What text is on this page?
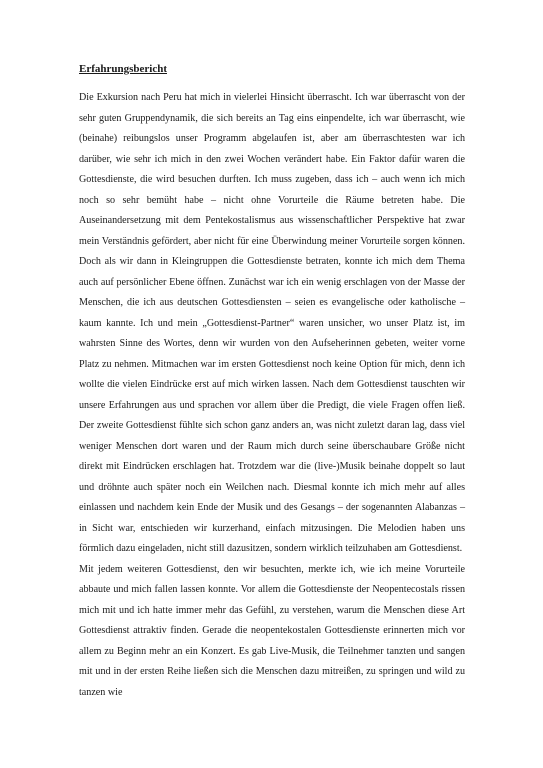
Erfahrungsbericht

Die Exkursion nach Peru hat mich in vielerlei Hinsicht überrascht. Ich war überrascht von der sehr guten Gruppendynamik, die sich bereits an Tag eins einpendelte, ich war überrascht, wie (beinahe) reibungslos unser Programm abgelaufen ist, aber am überraschtesten war ich darüber, wie sehr ich mich in den zwei Wochen verändert habe. Ein Faktor dafür waren die Gottesdienste, die wird besuchen durften. Ich muss zugeben, dass ich – auch wenn ich mich noch so sehr bemüht habe – nicht ohne Vorurteile die Räume betreten habe. Die Auseinandersetzung mit dem Pentekostalismus aus wissenschaftlicher Perspektive hat zwar mein Verständnis gefördert, aber nicht für eine Überwindung meiner Vorurteile sorgen können. Doch als wir dann in Kleingruppen die Gottesdienste betraten, konnte ich mich dem Thema auch auf persönlicher Ebene öffnen. Zunächst war ich ein wenig erschlagen von der Masse der Menschen, die ich aus deutschen Gottesdiensten – seien es evangelische oder katholische – kaum kannte. Ich und mein „Gottesdienst-Partner“ waren unsicher, wo unser Platz ist, im wahrsten Sinne des Wortes, denn wir wurden von den Aufseherinnen gebeten, weiter vorne Platz zu nehmen. Mitmachen war im ersten Gottesdienst noch keine Option für mich, denn ich wollte die vielen Eindrücke erst auf mich wirken lassen. Nach dem Gottesdienst tauschten wir unsere Erfahrungen aus und sprachen vor allem über die Predigt, die viele Fragen offen ließ. Der zweite Gottesdienst fühlte sich schon ganz anders an, was nicht zuletzt daran lag, dass viel weniger Menschen dort waren und der Raum mich durch seine überschaubare Größe nicht direkt mit Eindrücken erschlagen hat. Trotzdem war die (live-)Musik beinahe doppelt so laut und dröhnte auch später noch ein Weilchen nach. Diesmal konnte ich mich mehr auf alles einlassen und nachdem kein Ende der Musik und des Gesangs – der sogenannten Alabanzas – in Sicht war, entschieden wir kurzerhand, einfach mitzusingen. Die Melodien haben uns förmlich dazu eingeladen, nicht still dazusitzen, sondern wirklich teilzuhaben am Gottesdienst.

Mit jedem weiteren Gottesdienst, den wir besuchten, merkte ich, wie ich meine Vorurteile abbaute und mich fallen lassen konnte. Vor allem die Gottesdienste der Neopentecostals rissen mich mit und ich hatte immer mehr das Gefühl, zu verstehen, warum die Menschen diese Art Gottesdienst attraktiv finden. Gerade die neopentekostalen Gottesdienste erinnerten mich vor allem zu Beginn mehr an ein Konzert. Es gab Live-Musik, die Teilnehmer tanzten und sangen mit und in der ersten Reihe ließen sich die Menschen dazu mitreißen, zu springen und wild zu tanzen wie
